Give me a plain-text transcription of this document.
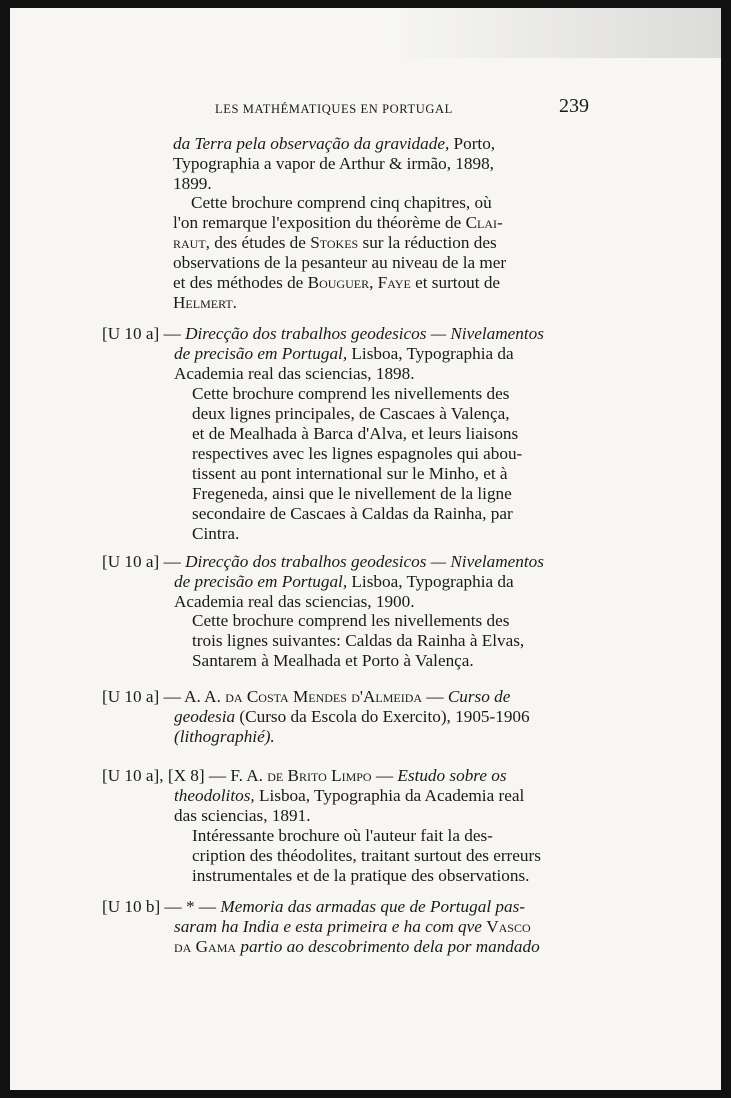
LES MATHÉMATIQUES EN PORTUGAL	239
da Terra pela observação da gravidade, Porto,
Typographia a vapor de Arthur & irmão, 1898,
1899.
Cette brochure comprend cinq chapitres, où
l'on remarque l'exposition du théorème de Clai-
raut, des études de Stokes sur la réduction des
observations de la pesanteur au niveau de la mer
et des méthodes de Bouguer, Faye et surtout de
Helmert.
[U 10 a] — Direcção dos trabalhos geodesicos — Nivelamentos
de precisão em Portugal, Lisboa, Typographia da
Academia real das sciencias, 1898.
Cette brochure comprend les nivellements des
deux lignes principales, de Cascaes à Valença,
et de Mealhada à Barca d'Alva, et leurs liaisons
respectives avec les lignes espagnoles qui abou-
tissent au pont international sur le Minho, et à
Fregeneda, ainsi que le nivellement de la ligne
secondaire de Cascaes à Caldas da Rainha, par
Cintra.
[U 10 a] — Direcção dos trabalhos geodesicos — Nivelamentos
de precisão em Portugal, Lisboa, Typographia da
Academia real das sciencias, 1900.
Cette brochure comprend les nivellements des
trois lignes suivantes: Caldas da Rainha à Elvas,
Santarem à Mealhada et Porto à Valença.
[U 10 a] — A. A. da Costa Mendes d'Almeida — Curso de
geodesia (Curso da Escola do Exercito), 1905-1906
(lithographié).
[U 10 a], [X 8] — F. A. de Brito Limpo — Estudo sobre os
theodolitos, Lisboa, Typographia da Academia real
das sciencias, 1891.
Intéressante brochure où l'auteur fait la des-
cription des théodolites, traitant surtout des erreurs
instrumentales et de la pratique des observations.
[U 10 b] — * — Memoria das armadas que de Portugal pas-
saram ha India e esta primeira e ha com qve Vasco
da Gama partio ao descobrimento dela por mandado
